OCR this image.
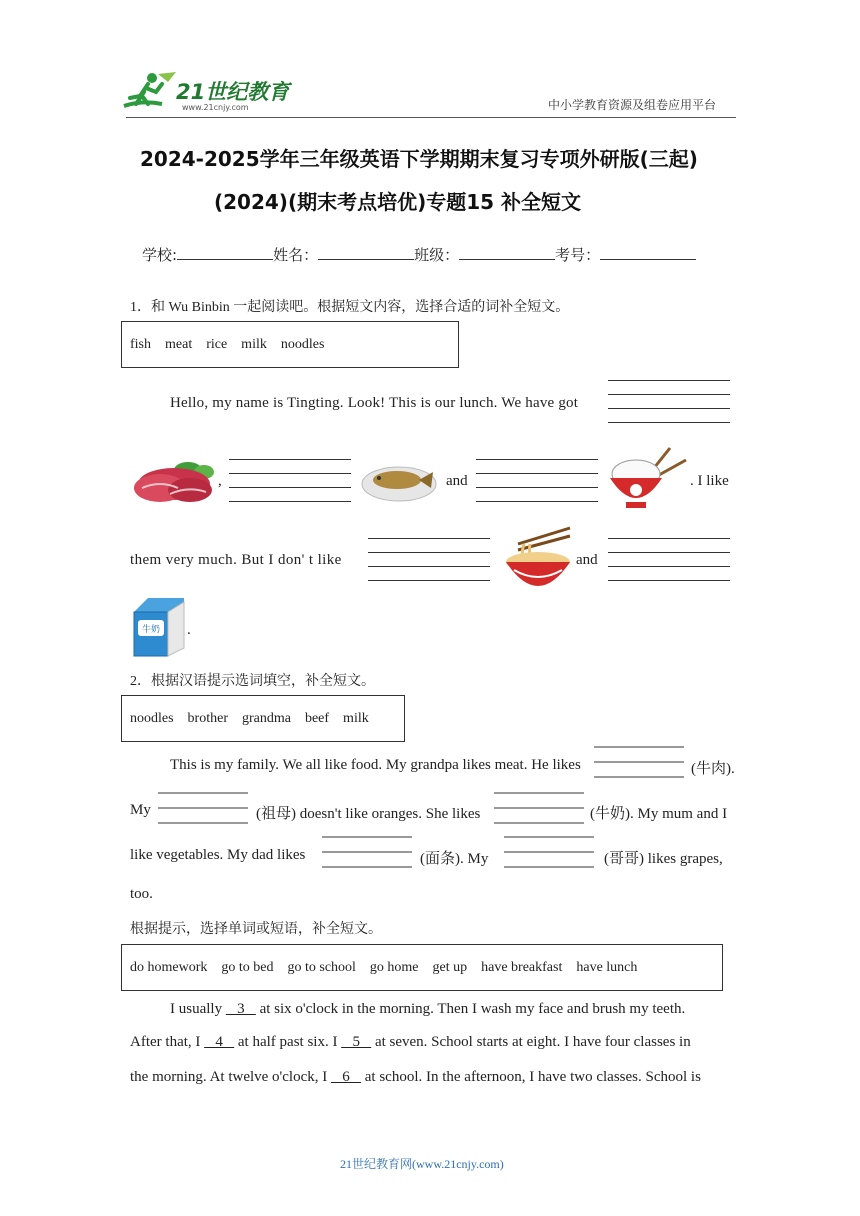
21世纪教育
www.21cnjy.com	中小学教育资源及组卷应用平台
2024-2025学年三年级英语下学期期末复习专项外研版(三起)
(2024)(期末考点培优)专题15 补全短文
学校:	姓名：	班级：	考号：
1．和 Wu Binbin 一起阅读吧。根据短文内容，选择合适的词补全短文。
fish    meat    rice    milk    noodles
Hello, my name is Tingting. Look! This is our lunch. We have got
,	and	. I like
them very much. But I don' t like	and
牛奶 .
2．根据汉语提示选词填空，补全短文。
noodles    brother    grandma    beef    milk
This is my family. We all like food. My grandpa likes meat. He likes	(牛肉).
My	(祖母) doesn't like oranges. She likes	(牛奶). My mum and I
like vegetables. My dad likes	(面条). My	(哥哥) likes grapes,
too.
根据提示，选择单词或短语，补全短文。
do homework    go to bed    go to school    go home    get up    have breakfast    have lunch
I usually    3    at six o'clock in the morning. Then I wash my face and brush my teeth.
After that, I    4    at half past six. I    5    at seven. School starts at eight. I have four classes in
the morning. At twelve o'clock, I    6    at school. In the afternoon, I have two classes. School is
21世纪教育网(www.21cnjy.com)
